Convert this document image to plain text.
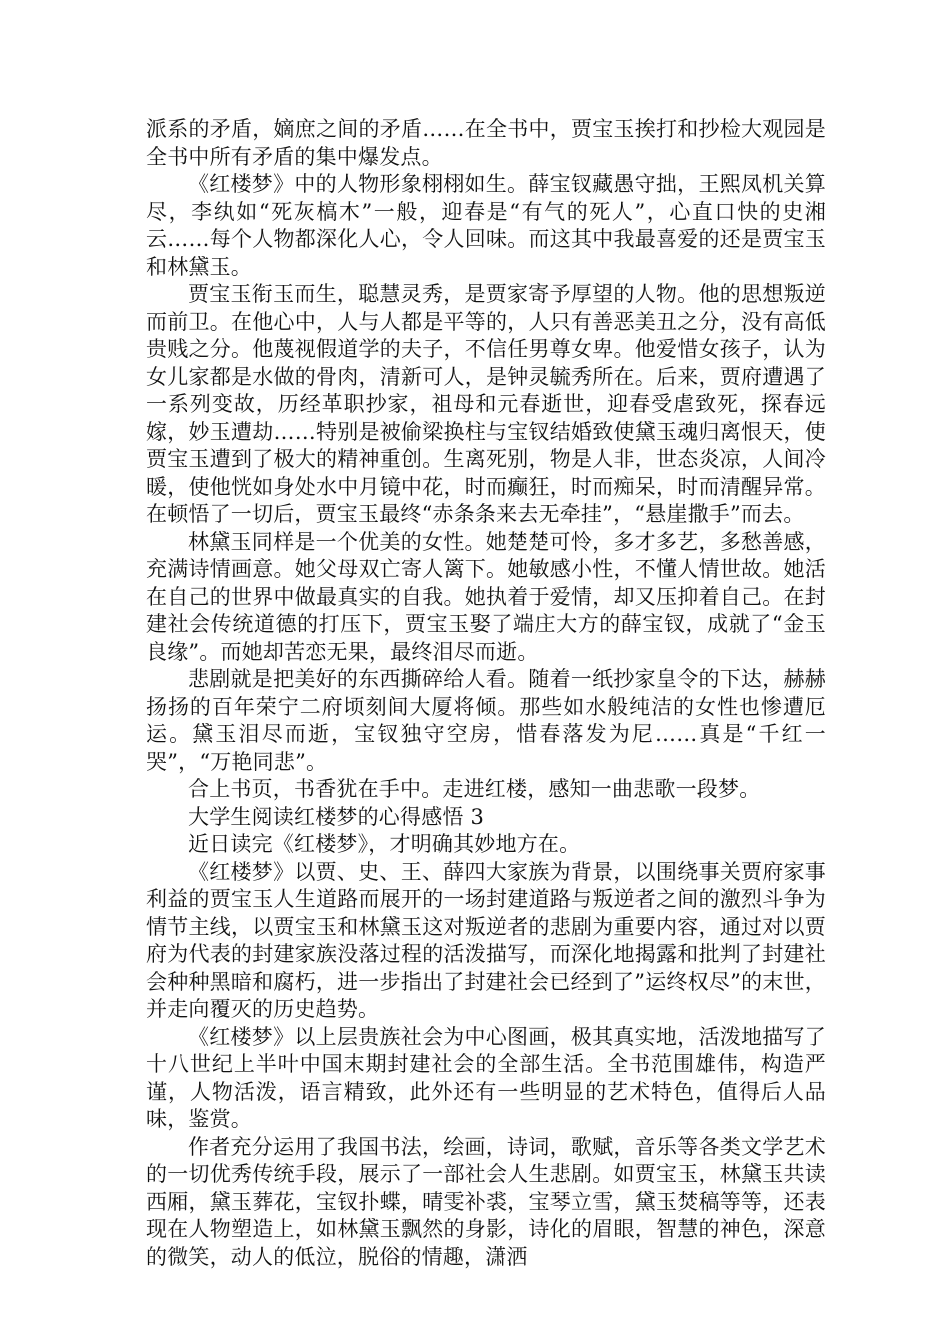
派系的矛盾，嫡庶之间的矛盾……在全书中，贾宝玉挨打和抄检大观园是全书中所有矛盾的集中爆发点。

《红楼梦》中的人物形象栩栩如生。薛宝钗藏愚守拙，王熙凤机关算尽，李纨如“死灰槁木”一般，迎春是“有气的死人”，心直口快的史湘云……每个人物都深化人心，令人回味。而这其中我最喜爱的还是贾宝玉和林黛玉。

贾宝玉衔玉而生，聪慧灵秀，是贾家寄予厚望的人物。他的思想叛逆而前卫。在他心中，人与人都是平等的，人只有善恶美丑之分，没有高低贵贱之分。他蔑视假道学的夫子，不信任男尊女卑。他爱惜女孩子，认为女儿家都是水做的骨肉，清新可人，是钟灵毓秀所在。后来，贾府遭遇了一系列变故，历经革职抄家，祖母和元春逝世，迎春受虐致死，探春远嫁，妙玉遭劫……特别是被偷梁换柱与宝钗结婚致使黛玉魂归离恨天，使贾宝玉遭到了极大的精神重创。生离死别，物是人非，世态炎凉，人间冷暖，使他恍如身处水中月镜中花，时而癫狂，时而痴呆，时而清醒异常。在顿悟了一切后，贾宝玉最终“赤条条来去无牵挂”，“悬崖撒手”而去。

林黛玉同样是一个优美的女性。她楚楚可怜，多才多艺，多愁善感，充满诗情画意。她父母双亡寄人篱下。她敏感小性，不懂人情世故。她活在自己的世界中做最真实的自我。她执着于爱情，却又压抑着自己。在封建社会传统道德的打压下，贾宝玉娶了端庄大方的薛宝钗，成就了“金玉良缘”。而她却苦恋无果，最终泪尽而逝。

悲剧就是把美好的东西撕碎给人看。随着一纸抄家皇令的下达，赫赫扬扬的百年荣宁二府顷刻间大厦将倾。那些如水般纯洁的女性也惨遭厄运。黛玉泪尽而逝，宝钗独守空房，惜春落发为尼……真是“千红一哭”，“万艳同悲”。

合上书页，书香犹在手中。走进红楼，感知一曲悲歌一段梦。

大学生阅读红楼梦的心得感悟 3

近日读完《红楼梦》，才明确其妙地方在。

《红楼梦》以贾、史、王、薛四大家族为背景，以围绕事关贾府家事利益的贾宝玉人生道路而展开的一场封建道路与叛逆者之间的激烈斗争为情节主线，以贾宝玉和林黛玉这对叛逆者的悲剧为重要内容，通过对以贾府为代表的封建家族没落过程的活泼描写，而深化地揭露和批判了封建社会种种黑暗和腐朽，进一步指出了封建社会已经到了”运终权尽”的末世，并走向覆灭的历史趋势。

《红楼梦》以上层贵族社会为中心图画，极其真实地，活泼地描写了十八世纪上半叶中国末期封建社会的全部生活。全书范围雄伟，构造严谨，人物活泼，语言精致，此外还有一些明显的艺术特色，值得后人品味，鉴赏。

作者充分运用了我国书法，绘画，诗词，歌赋，音乐等各类文学艺术的一切优秀传统手段，展示了一部社会人生悲剧。如贾宝玉，林黛玉共读西厢，黛玉葬花，宝钗扑蝶，晴雯补裘，宝琴立雪，黛玉焚稿等等，还表现在人物塑造上，如林黛玉飘然的身影，诗化的眉眼，智慧的神色，深意的微笑，动人的低泣，脱俗的情趣，潇洒
